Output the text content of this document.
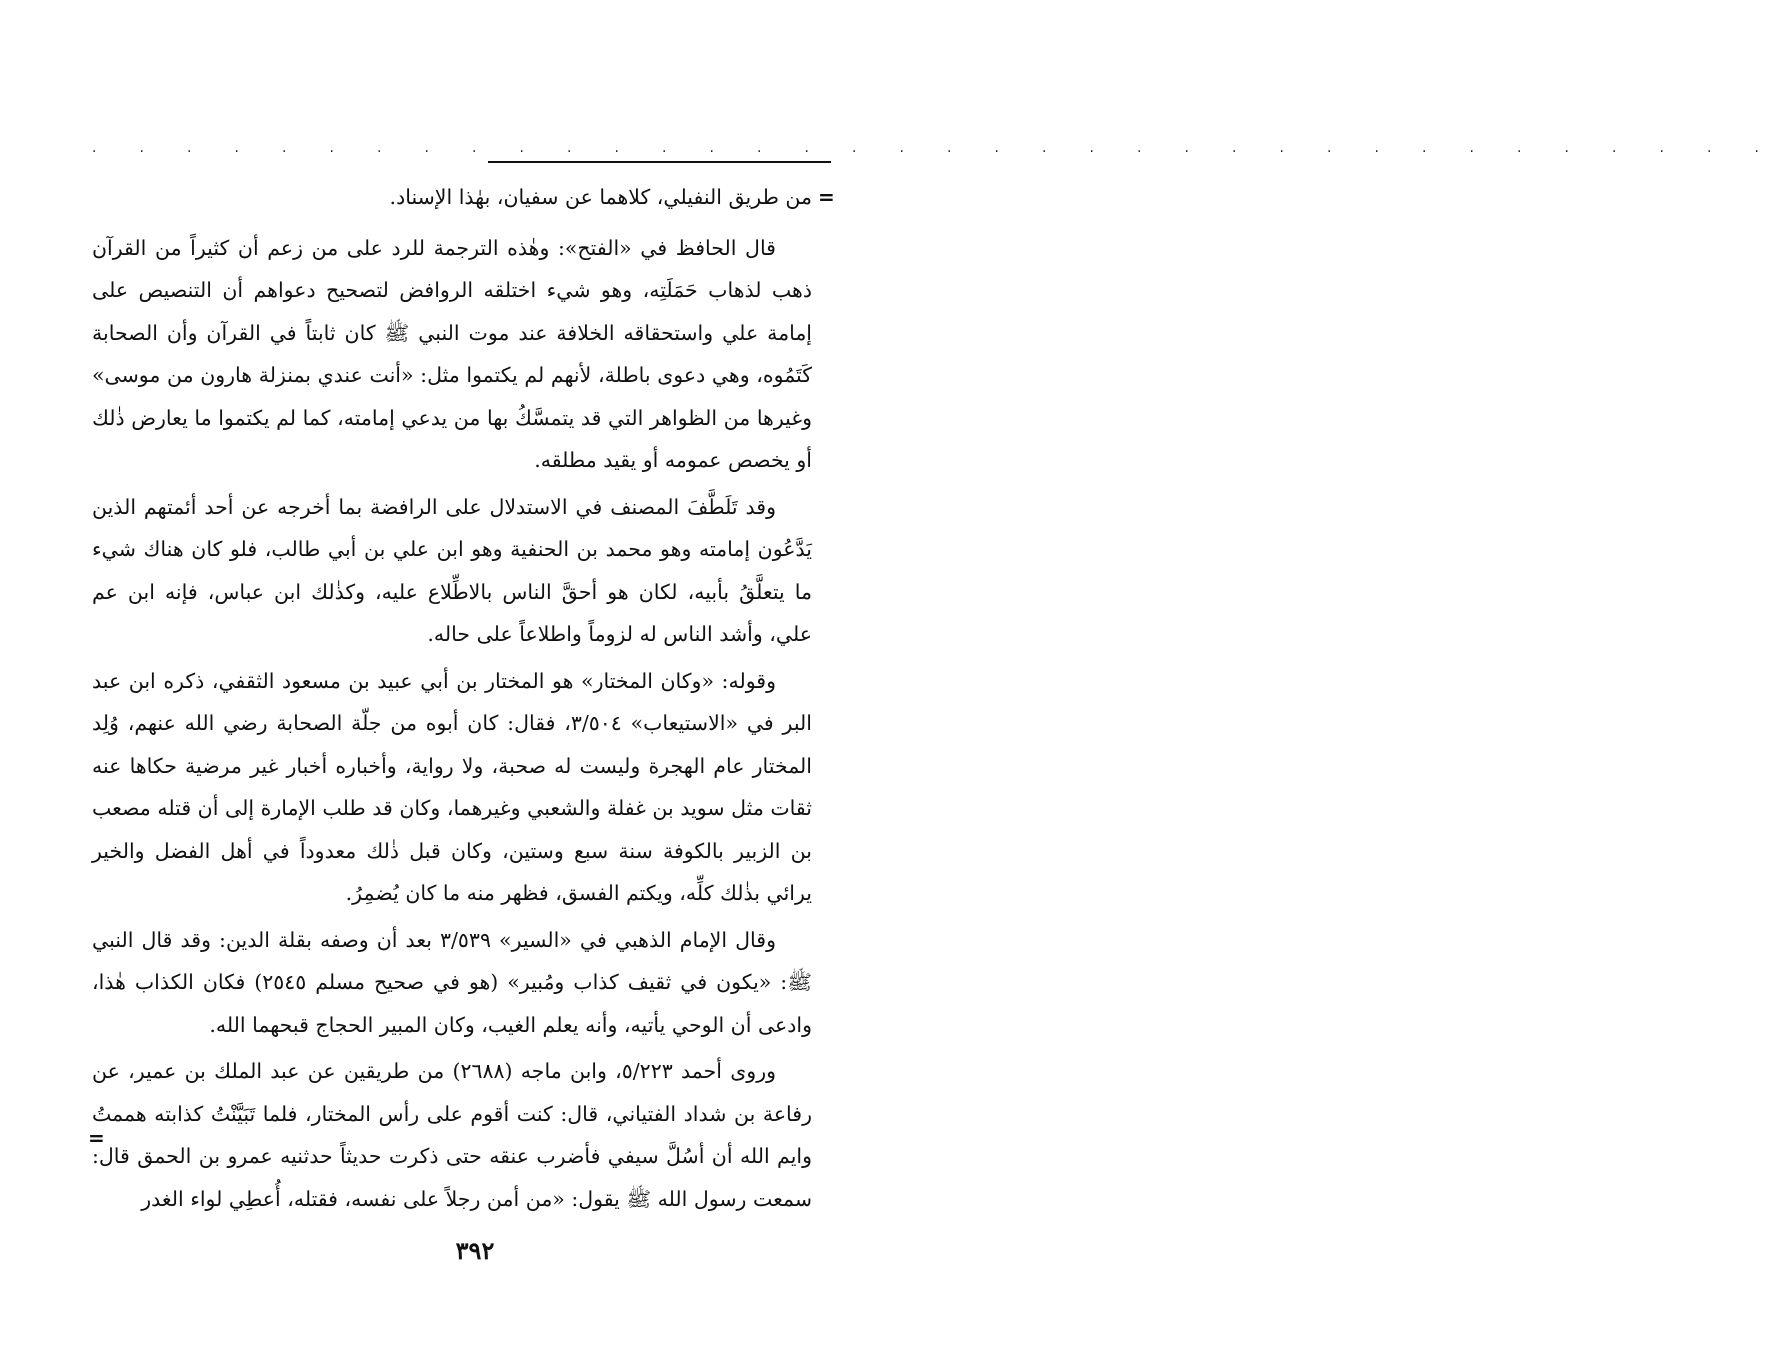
. . . . . . . . . . . . . . . . . . . . . . . . . . . . . . . . . . . .
=

من طريق النفيلي، كلاهما عن سفيان، بهٰذا الإسناد.

قال الحافظ في «الفتح»: وهٰذه الترجمة للرد على من زعم أن كثيراً من القرآن ذهب لذهاب حَمَلَتِه، وهو شيء اختلقه الروافض لتصحيح دعواهم أن التنصيص على إمامة علي واستحقاقه الخلافة عند موت النبي ﷺ كان ثابتاً في القرآن وأن الصحابة كَتَمُوه، وهي دعوى باطلة، لأنهم لم يكتموا مثل: «أنت عندي بمنزلة هارون من موسى» وغيرها من الظواهر التي قد يتمسَّكُ بها من يدعي إمامته، كما لم يكتموا ما يعارض ذٰلك أو يخصص عمومه أو يقيد مطلقه.

وقد تَلَطَّفَ المصنف في الاستدلال على الرافضة بما أخرجه عن أحد أئمتهم الذين يَدَّعُون إمامته وهو محمد بن الحنفية وهو ابن علي بن أبي طالب، فلو كان هناك شيء ما يتعلَّقُ بأبيه، لكان هو أحقَّ الناس بالاطِّلاع عليه، وكذٰلك ابن عباس، فإنه ابن عم علي، وأشد الناس له لزوماً واطلاعاً على حاله.

وقوله: «وكان المختار» هو المختار بن أبي عبيد بن مسعود الثقفي، ذكره ابن عبد البر في «الاستيعاب» ٣/٥٠٤، فقال: كان أبوه من جلّة الصحابة رضي الله عنهم، وُلِد المختار عام الهجرة وليست له صحبة، ولا رواية، وأخباره أخبار غير مرضية حكاها عنه ثقات مثل سويد بن غفلة والشعبي وغيرهما، وكان قد طلب الإمارة إلى أن قتله مصعب بن الزبير بالكوفة سنة سبع وستين، وكان قبل ذٰلك معدوداً في أهل الفضل والخير يرائي بذٰلك كلِّه، ويكتم الفسق، فظهر منه ما كان يُضمِرُ.

وقال الإمام الذهبي في «السير» ٣/٥٣٩ بعد أن وصفه بقلة الدين: وقد قال النبي ﷺ: «يكون في ثقيف كذاب ومُبير» (هو في صحيح مسلم ٢٥٤٥) فكان الكذاب هٰذا، وادعى أن الوحي يأتيه، وأنه يعلم الغيب، وكان المبير الحجاج قبحهما الله.

وروى أحمد ٥/٢٢٣، وابن ماجه (٢٦٨٨) من طريقين عن عبد الملك بن عمير، عن رفاعة بن شداد الفتياني، قال: كنت أقوم على رأس المختار، فلما تَبَيَّنْتُ كذابته هممتُ وايم الله أن أسُلَّ سيفي فأضرب عنقه حتى ذكرت حديثاً حدثنيه عمرو بن الحمق قال: سمعت رسول الله ﷺ يقول: «من أمن رجلاً على نفسه، فقتله، أُعطِي لواء الغدر

=
٣٩٢
